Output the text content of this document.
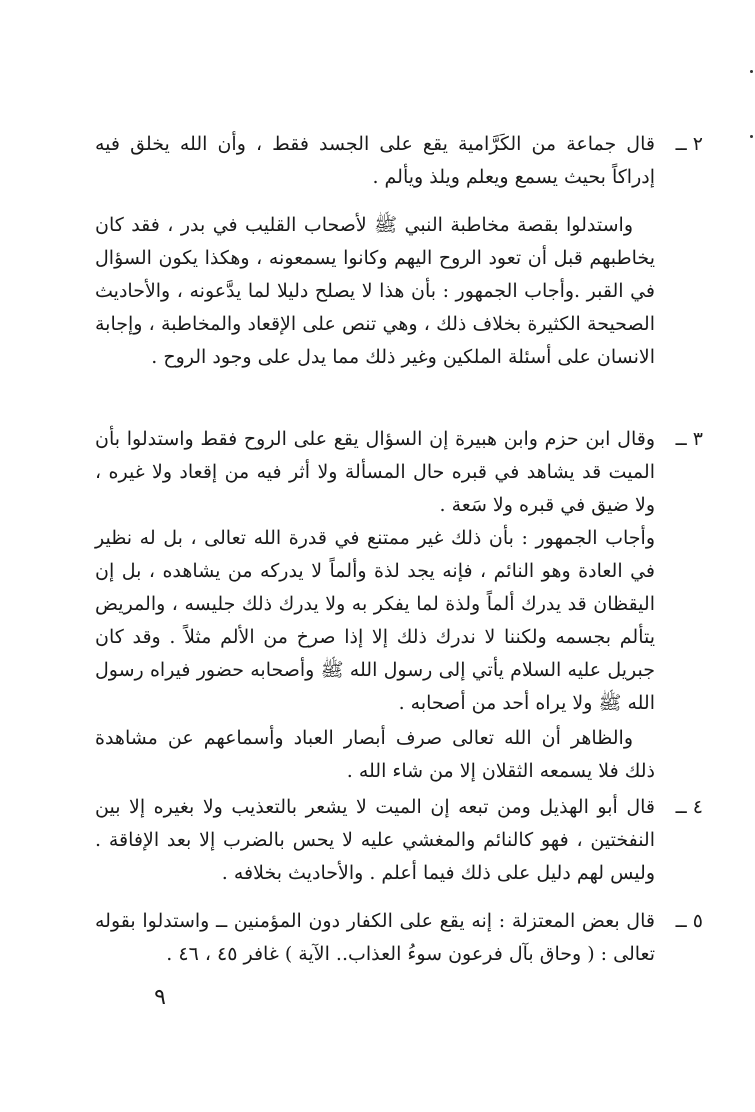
٢ ــ
قال جماعة من الكَرَّامية يقع على الجسد فقط ، وأن الله يخلق فيه إدراكاً بحيث يسمع ويعلم ويلذ ويألم .
واستدلوا بقصة مخاطبة النبي ﷺ لأصحاب القليب في بدر ، فقد كان يخاطبهم قبل أن تعود الروح اليهم وكانوا يسمعونه ، وهكذا يكون السؤال في القبر .وأجاب الجمهور : بأن هذا لا يصلح دليلا لما يدَّعونه ، والأحاديث الصحيحة الكثيرة بخلاف ذلك ، وهي تنص على الإقعاد والمخاطبة ، وإجابة الانسان على أسئلة الملكين وغير ذلك مما يدل على وجود الروح .
٣ ــ
وقال ابن حزم وابن هبيرة إن السؤال يقع على الروح فقط واستدلوا بأن الميت قد يشاهد في قبره حال المسألة ولا أثر فيه من إقعاد ولا غيره ، ولا ضيق في قبره ولا سَعة .
وأجاب الجمهور : بأن ذلك غير ممتنع في قدرة الله تعالى ، بل له نظير في العادة وهو النائم ، فإنه يجد لذة وألماً لا يدركه من يشاهده ، بل إن اليقظان قد يدرك ألماً ولذة لما يفكر به ولا يدرك ذلك جليسه ، والمريض يتألم بجسمه ولكننا لا ندرك ذلك إلا إذا صرخ من الألم مثلاً . وقد كان جبريل عليه السلام يأتي إلى رسول الله ﷺ وأصحابه حضور فيراه رسول الله ﷺ ولا يراه أحد من أصحابه .
والظاهر أن الله تعالى صرف أبصار العباد وأسماعهم عن مشاهدة ذلك فلا يسمعه الثقلان إلا من شاء الله .
٤ ــ
قال أبو الهذيل ومن تبعه إن الميت لا يشعر بالتعذيب ولا بغيره إلا بين النفختين ، فهو كالنائم والمغشي عليه لا يحس بالضرب إلا بعد الإفاقة . وليس لهم دليل على ذلك فيما أعلم . والأحاديث بخلافه .
٥ ــ
قال بعض المعتزلة : إنه يقع على الكفار دون المؤمنين ــ واستدلوا بقوله تعالى : ( وحاق بآل فرعون سوءُ العذاب.. الآية ) غافر ٤٥ ، ٤٦ .
٩
